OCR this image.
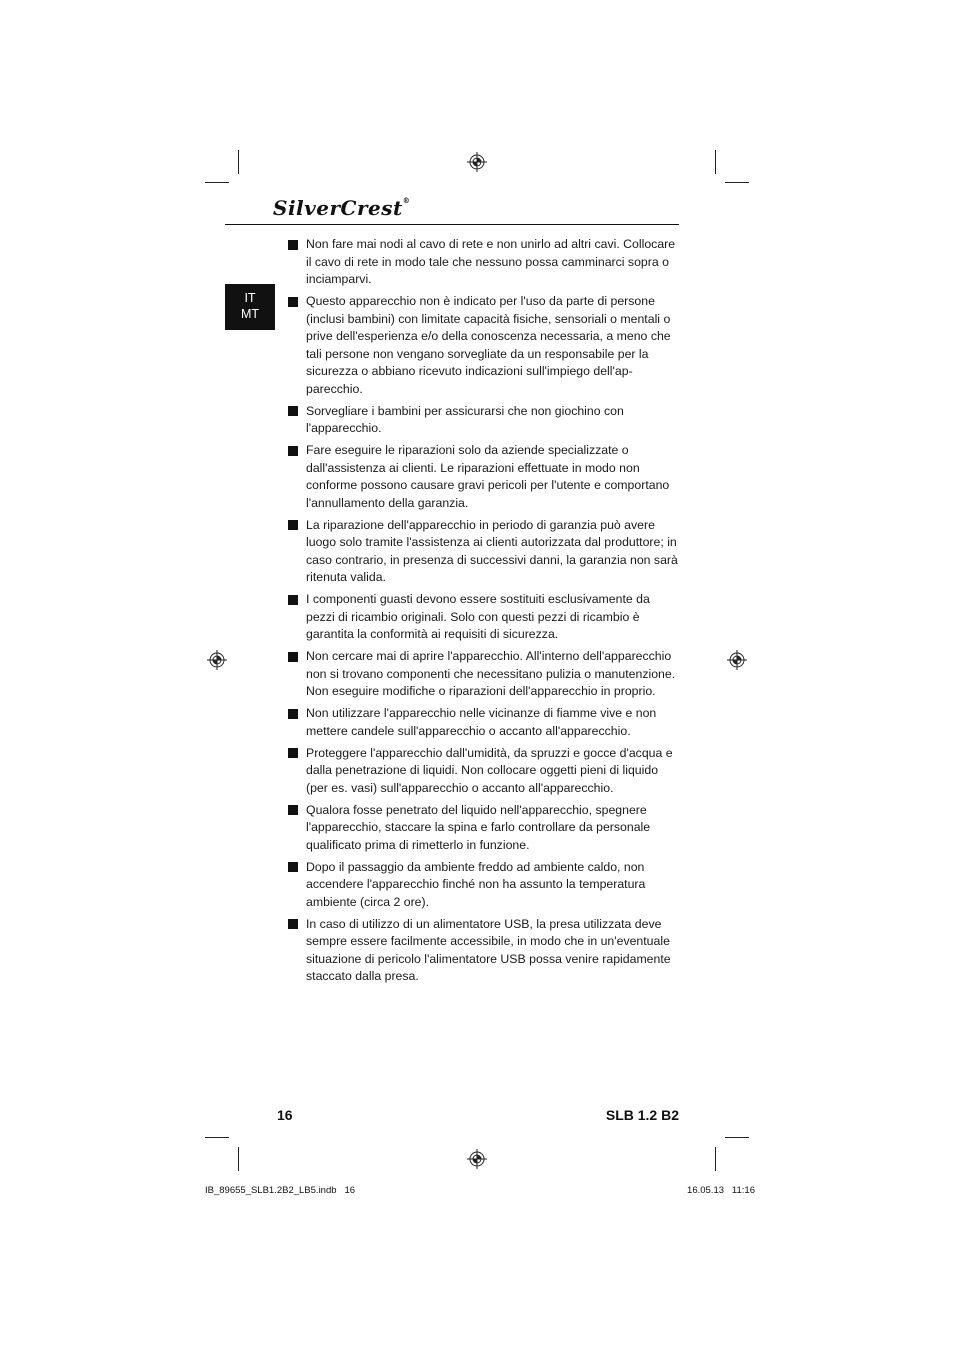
SilverCrest®
IT
MT
Non fare mai nodi al cavo di rete e non unirlo ad altri cavi. Collocare il cavo di rete in modo tale che nessuno possa camminarci sopra o inciamparvi.
Questo apparecchio non è indicato per l'uso da parte di persone (inclusi bambini) con limitate capacità fisiche, sensoriali o mentali o prive dell'esperienza e/o della conoscenza necessaria, a meno che tali persone non vengano sorvegliate da un responsabile per la sicurezza o abbiano ricevuto indicazioni sull'impiego dell'apparecchio.
Sorvegliare i bambini per assicurarsi che non giochino con l'apparecchio.
Fare eseguire le riparazioni solo da aziende specializzate o dall'assistenza ai clienti. Le riparazioni effettuate in modo non conforme possono causare gravi pericoli per l'utente e comportano l'annullamento della garanzia.
La riparazione dell'apparecchio in periodo di garanzia può avere luogo solo tramite l'assistenza ai clienti autorizzata dal produttore; in caso contrario, in presenza di successivi danni, la garanzia non sarà ritenuta valida.
I componenti guasti devono essere sostituiti esclusivamente da pezzi di ricambio originali. Solo con questi pezzi di ricambio è garantita la conformità ai requisiti di sicurezza.
Non cercare mai di aprire l'apparecchio. All'interno dell'apparecchio non si trovano componenti che necessitano pulizia o manutenzione. Non eseguire modifiche o riparazioni dell'apparecchio in proprio.
Non utilizzare l'apparecchio nelle vicinanze di fiamme vive e non mettere candele sull'apparecchio o accanto all'apparecchio.
Proteggere l'apparecchio dall'umidità, da spruzzi e gocce d'acqua e dalla penetrazione di liquidi. Non collocare oggetti pieni di liquido (per es. vasi) sull'apparecchio o accanto all'apparecchio.
Qualora fosse penetrato del liquido nell'apparecchio, spegnere l'apparecchio, staccare la spina e farlo controllare da personale qualificato prima di rimetterlo in funzione.
Dopo il passaggio da ambiente freddo ad ambiente caldo, non accendere l'apparecchio finché non ha assunto la temperatura ambiente (circa 2 ore).
In caso di utilizzo di un alimentatore USB, la presa utilizzata deve sempre essere facilmente accessibile, in modo che in un'eventuale situazione di pericolo l'alimentatore USB possa venire rapidamente staccato dalla presa.
16	SLB 1.2 B2
IB_89655_SLB1.2B2_LB5.indb   16	16.05.13   11:16
